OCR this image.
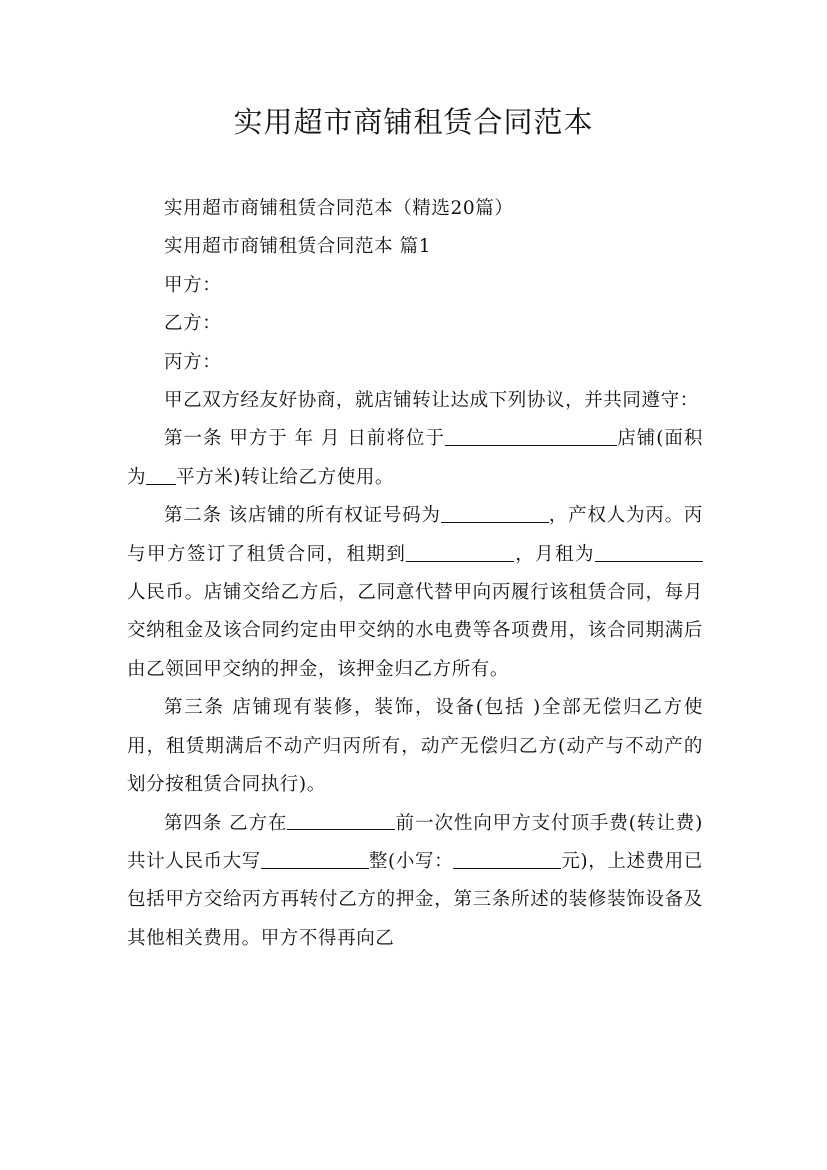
实用超市商铺租赁合同范本

实用超市商铺租赁合同范本（精选20篇）

实用超市商铺租赁合同范本 篇1

甲方：

乙方：

丙方：

甲乙双方经友好协商，就店铺转让达成下列协议，并共同遵守：

第一条 甲方于 年 月 日前将位于	店铺(面积为 平方米)转让给乙方使用。

第二条 该店铺的所有权证号码为	，产权人为丙。丙与甲方签订了租赁合同，租期到	，月租为人民币。店铺交给乙方后，乙同意代替甲向丙履行该租赁合同，每月交纳租金及该合同约定由甲交纳的水电费等各项费用，该合同期满后由乙领回甲交纳的押金，该押金归乙方所有。

第三条 店铺现有装修，装饰，设备(包括 )全部无偿归乙方使用，租赁期满后不动产归丙所有，动产无偿归乙方(动产与不动产的划分按租赁合同执行)。

第四条 乙方在	前一次性向甲方支付顶手费(转让费)共计人民币大写	整(小写：	元)，上述费用已包括甲方交给丙方再转付乙方的押金，第三条所述的装修装饰设备及其他相关费用。甲方不得再向乙
